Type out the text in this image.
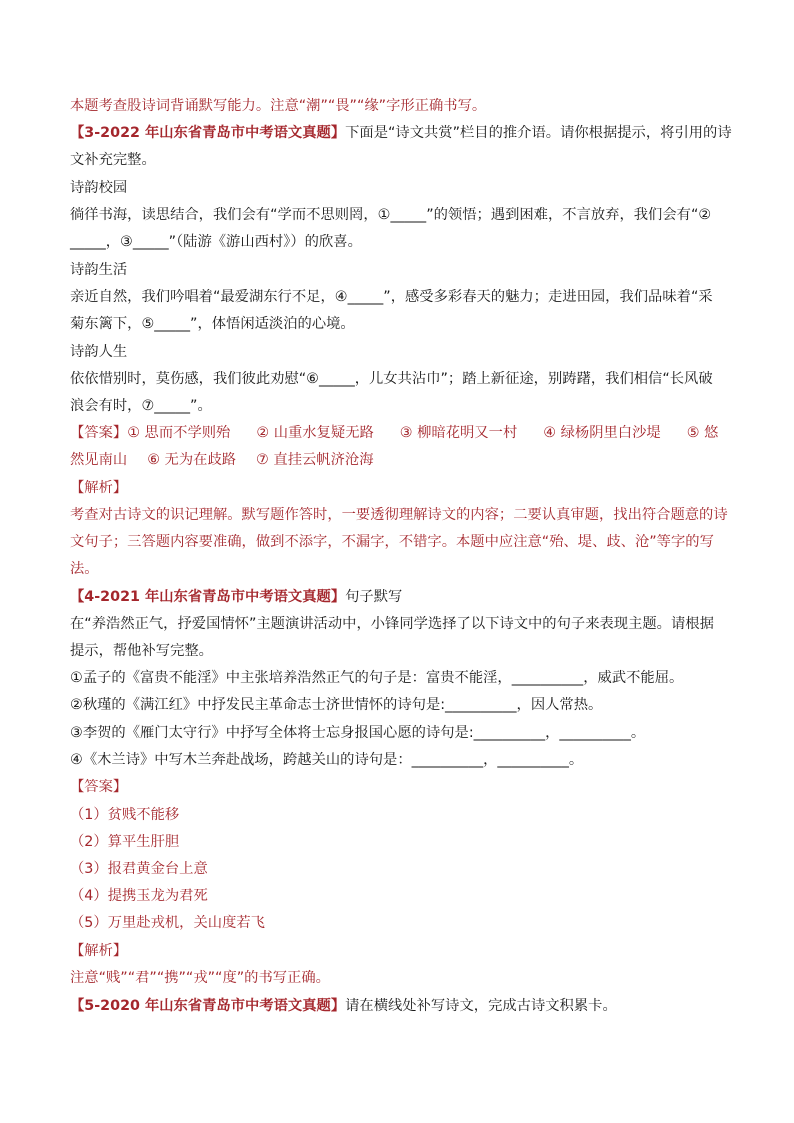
本题考查股诗词背诵默写能力。注意“潮”“畏”“缘”字形正确书写。
【3-2022 年山东省青岛市中考语文真题】下面是“诗文共赏”栏目的推介语。请你根据提示，将引用的诗
文补充完整。
诗韵校园
徜徉书海，读思结合，我们会有“学而不思则罔，①_____”的领悟；遇到困难，不言放弃，我们会有“②
_____，③_____”（陆游《游山西村》）的欣喜。
诗韵生活
亲近自然，我们吟唱着“最爱湖东行不足，④_____”，感受多彩春天的魅力；走进田园，我们品味着“采
菊东篱下，⑤_____”，体悟闲适淡泊的心境。
诗韵人生
依依惜别时，莫伤感，我们彼此劝慰“⑥_____，儿女共沾巾”；踏上新征途，别踌躇，我们相信“长风破
浪会有时，⑦_____”。
【答案】① 思而不学则殆 ② 山重水复疑无路 ③ 柳暗花明又一村 ④ 绿杨阴里白沙堤 ⑤ 悠
然见南山 ⑥ 无为在歧路 ⑦ 直挂云帆济沧海
【解析】
考查对古诗文的识记理解。默写题作答时，一要透彻理解诗文的内容；二要认真审题，找出符合题意的诗
文句子；三答题内容要准确，做到不添字，不漏字，不错字。本题中应注意“殆、堤、歧、沧”等字的写
法。
【4-2021 年山东省青岛市中考语文真题】句子默写
在“养浩然正气，抒爱国情怀”主题演讲活动中，小锋同学选择了以下诗文中的句子来表现主题。请根据
提示，帮他补写完整。
①孟子的《富贵不能淫》中主张培养浩然正气的句子是：富贵不能淫，__________，威武不能屈。
②秋瑾的《满江红》中抒发民主革命志士济世情怀的诗句是:__________，因人常热。
③李贺的《雁门太守行》中抒写全体将士忘身报国心愿的诗句是:__________，__________。
④《木兰诗》中写木兰奔赴战场，跨越关山的诗句是：__________，__________。
【答案】
（1）贫贱不能移
（2）算平生肝胆
（3）报君黄金台上意
（4）提携玉龙为君死
（5）万里赴戎机，关山度若飞
【解析】
注意“贱”“君”“携”“戎”“度”的书写正确。
【5-2020 年山东省青岛市中考语文真题】请在横线处补写诗文，完成古诗文积累卡。
